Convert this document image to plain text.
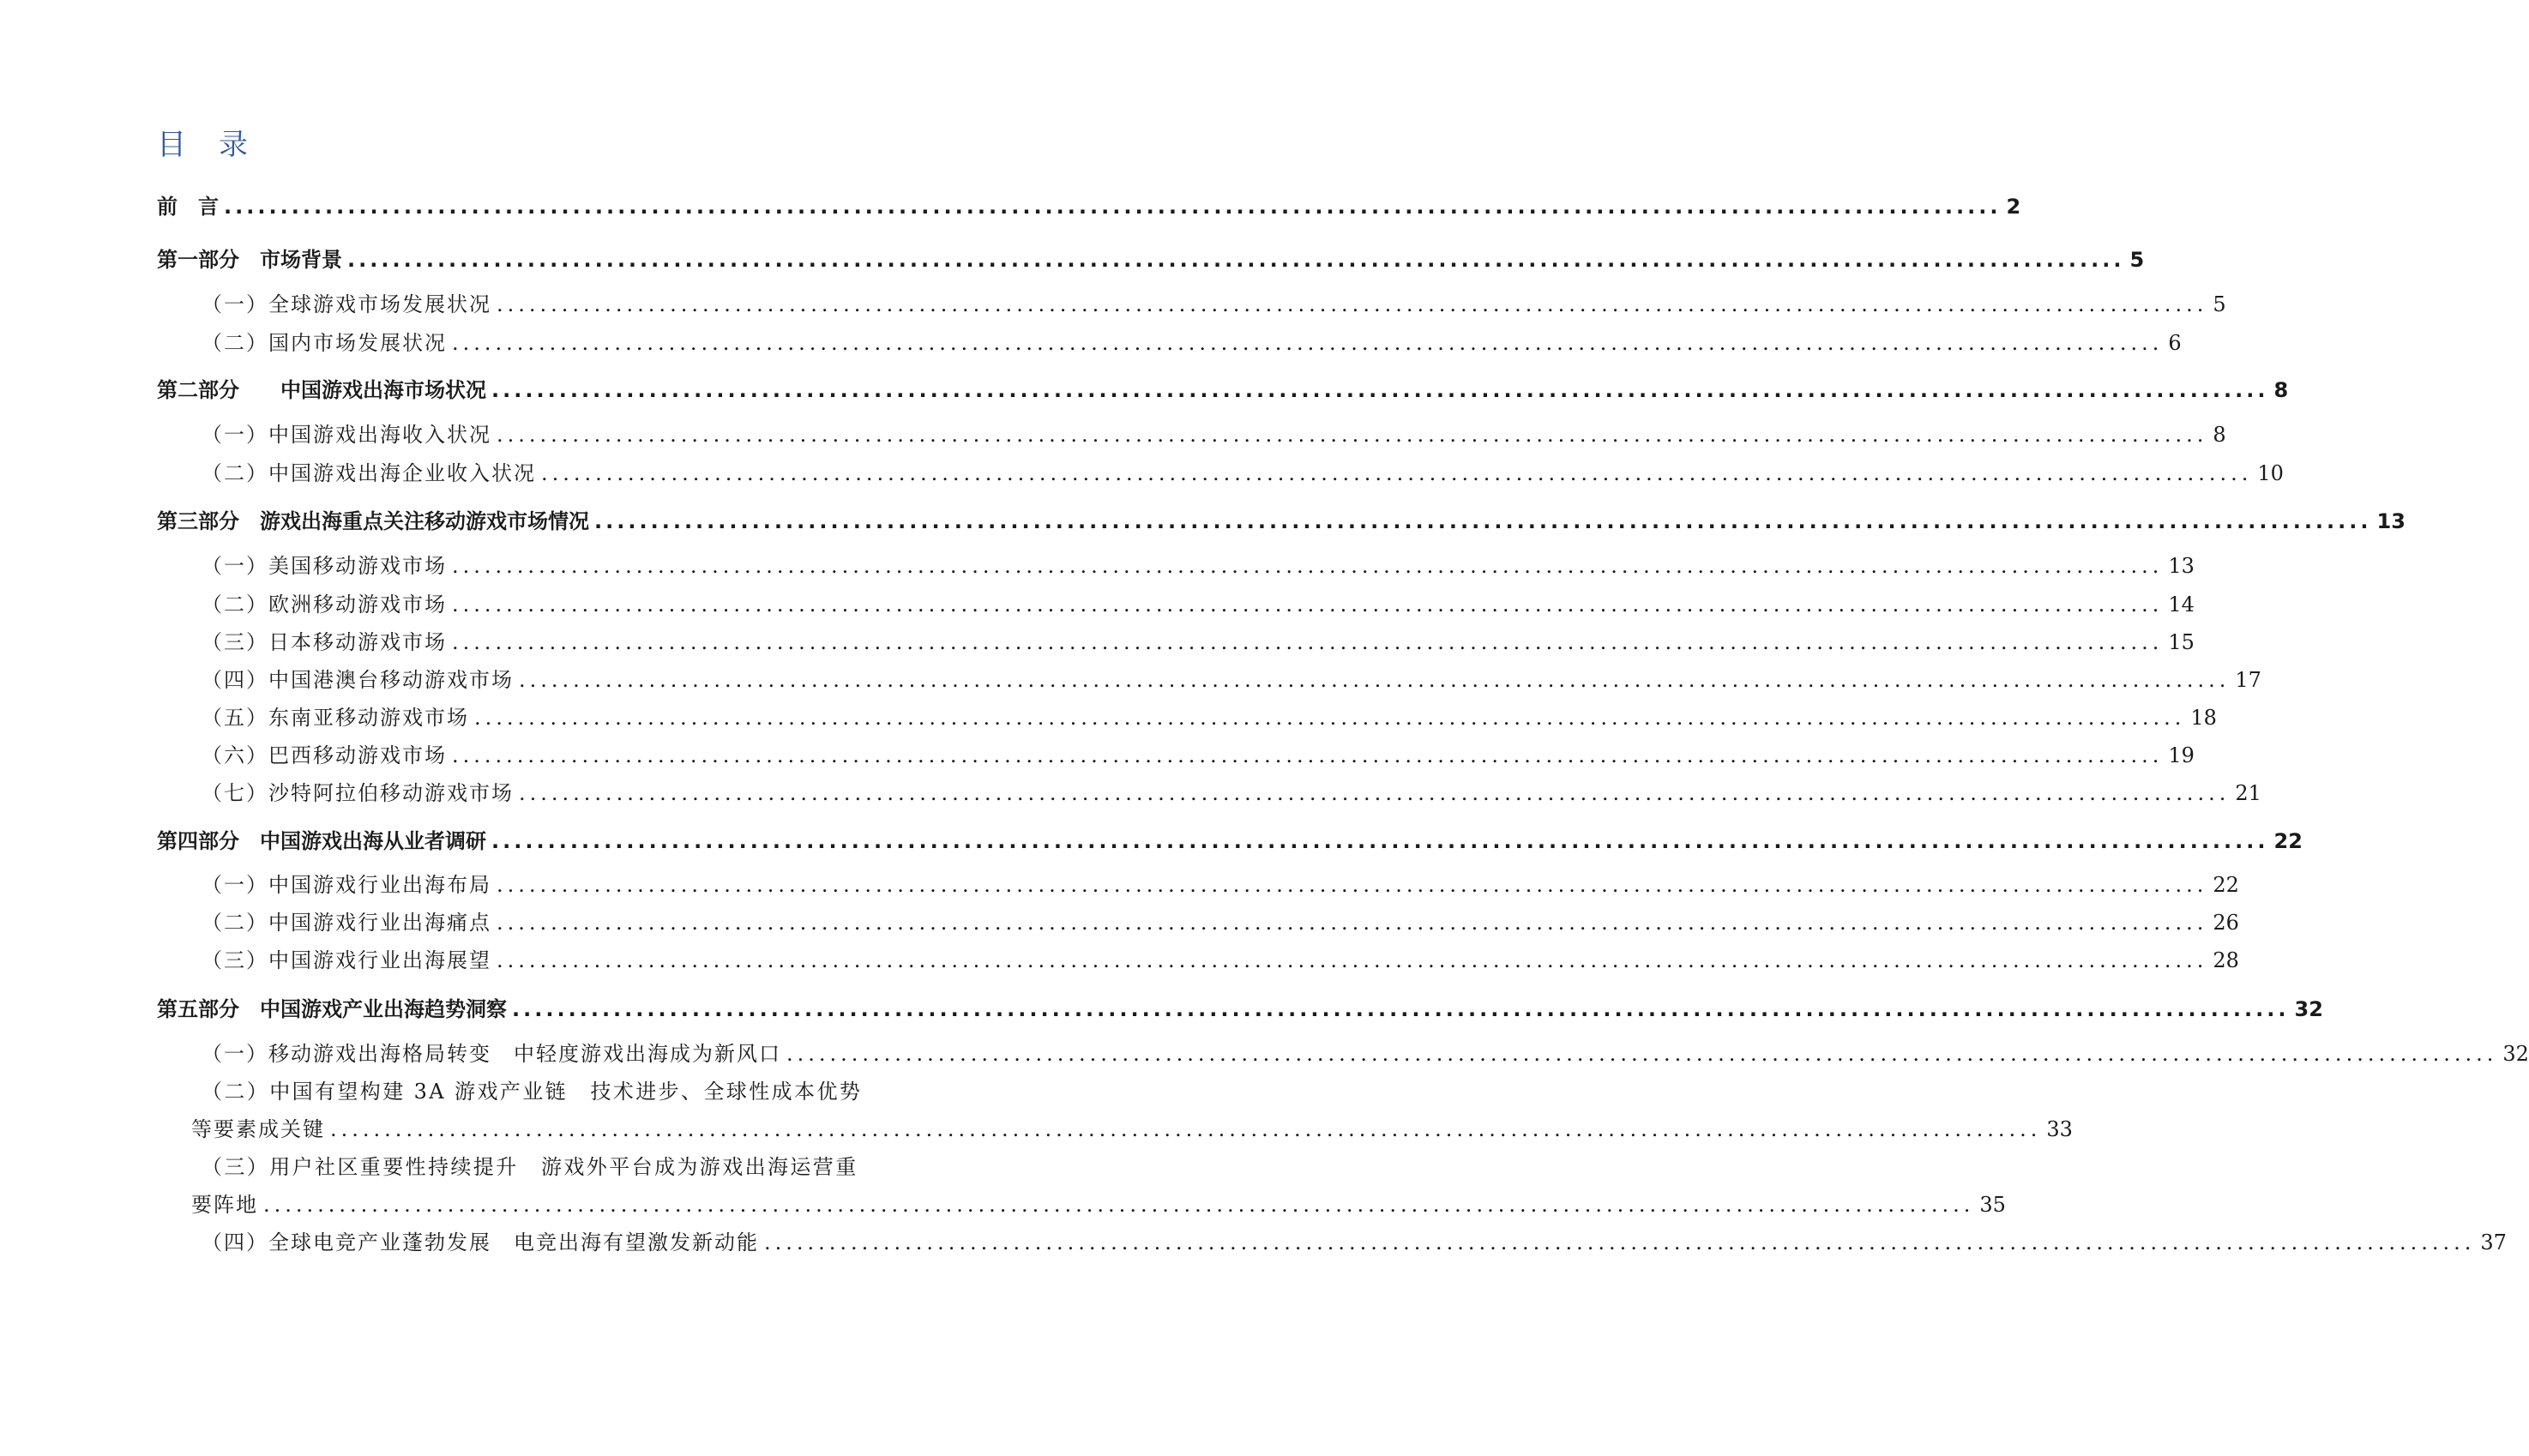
目　录
前　言 .............................................................................................................................................................. 2
第一部分　市场背景 .............................................................................................................................................................. 5
（一）全球游戏市场发展状况 .............................................................................................................................................................. 5
（二）国内市场发展状况 .............................................................................................................................................................. 6
第二部分　　中国游戏出海市场状况 .............................................................................................................................................................. 8
（一）中国游戏出海收入状况 .............................................................................................................................................................. 8
（二）中国游戏出海企业收入状况 .............................................................................................................................................................. 10
第三部分　游戏出海重点关注移动游戏市场情况 .............................................................................................................................................................. 13
（一）美国移动游戏市场 .............................................................................................................................................................. 13
（二）欧洲移动游戏市场 .............................................................................................................................................................. 14
（三）日本移动游戏市场 .............................................................................................................................................................. 15
（四）中国港澳台移动游戏市场 .............................................................................................................................................................. 17
（五）东南亚移动游戏市场 .............................................................................................................................................................. 18
（六）巴西移动游戏市场 .............................................................................................................................................................. 19
（七）沙特阿拉伯移动游戏市场 .............................................................................................................................................................. 21
第四部分　中国游戏出海从业者调研 .............................................................................................................................................................. 22
（一）中国游戏行业出海布局 .............................................................................................................................................................. 22
（二）中国游戏行业出海痛点 .............................................................................................................................................................. 26
（三）中国游戏行业出海展望 .............................................................................................................................................................. 28
第五部分　中国游戏产业出海趋势洞察 .............................................................................................................................................................. 32
（一）移动游戏出海格局转变　中轻度游戏出海成为新风口 .............................................................................................................................................................. 32
（二）中国有望构建 3A 游戏产业链　技术进步、全球性成本优势
等要素成关键 .............................................................................................................................................................. 33
（三）用户社区重要性持续提升　游戏外平台成为游戏出海运营重
要阵地 .............................................................................................................................................................. 35
（四）全球电竞产业蓬勃发展　电竞出海有望激发新动能 .............................................................................................................................................................. 37
